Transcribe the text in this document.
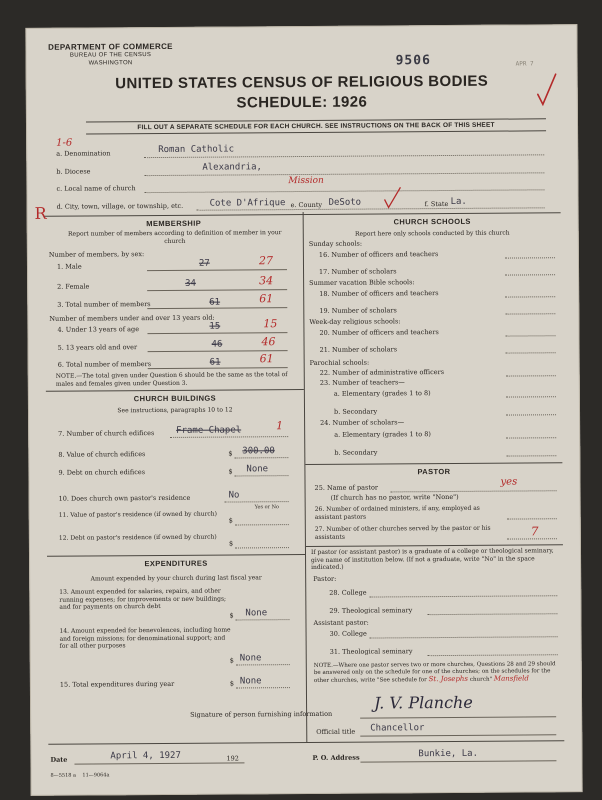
DEPARTMENT OF COMMERCE
BUREAU OF THE CENSUS
WASHINGTON	9506	APR 7
UNITED STATES CENSUS OF RELIGIOUS BODIES
SCHEDULE: 1926
FILL OUT A SEPARATE SCHEDULE FOR EACH CHURCH. SEE INSTRUCTIONS ON THE BACK OF THIS SHEET
1-6
R
a. Denomination	Roman Catholic
b. Diocese	Alexandria,
c. Local name of church
Mission
d. City, town, village, or township, etc.	Cote D'Afrique e. County DeSoto	f. State La.
MEMBERSHIP
Report number of members according to definition of member in your church
Number of members, by sex:
1. Male	27	27
2. Female	34	34
3. Total number of members	61	61
Number of members under and over 13 years old:
4. Under 13 years of age	15	15
5. 13 years old and over	46	46
6. Total number of members	61	61
NOTE.—The total given under Question 6 should be the same as the total of males and females given under Question 3.
CHURCH BUILDINGS
See instructions, paragraphs 10 to 12
7. Number of church edifices Frame Chapel	1
8. Value of church edifices	$ 300.00
9. Debt on church edifices	$ None
10. Does church own pastor's residence	No
Yes or No
11. Value of pastor's residence (if owned by church)
$
12. Debt on pastor's residence (if owned by church)
$
EXPENDITURES
Amount expended by your church during last fiscal year
13. Amount expended for salaries, repairs, and other running expenses; for improvements or new buildings; and for payments on church debt
$ None
14. Amount expended for benevolences, including home and foreign missions; for denominational support; and for all other purposes
$ None
15. Total expenditures during year	$ None
CHURCH SCHOOLS
Report here only schools conducted by this church
Sunday schools:
16. Number of officers and teachers
17. Number of scholars
Summer vacation Bible schools:
18. Number of officers and teachers
19. Number of scholars
Week-day religious schools:
20. Number of officers and teachers
21. Number of scholars
Parochial schools:
22. Number of administrative officers
23. Number of teachers—
a. Elementary (grades 1 to 8)
b. Secondary
24. Number of scholars—
a. Elementary (grades 1 to 8)
b. Secondary
PASTOR
25. Name of pastor
yes
(If church has no pastor, write "None")
26. Number of ordained ministers, if any, employed as assistant pastors
27. Number of other churches served by the pastor or his assistants	7
If pastor (or assistant pastor) is a graduate of a college or theological seminary, give name of institution below. (If not a graduate, write "No" in the space indicated.)
Pastor:
28. College
29. Theological seminary
Assistant pastor:
30. College
31. Theological seminary
NOTE.—Where one pastor serves two or more churches, Questions 28 and 29 should be answered only on the schedule for one of the churches; on the schedules for the other churches, write "See schedule for St. Josephs church" Mansfield
Signature of person furnishing information
J. V. Planche
Official title Chancellor
Date	April 4, 1927	192	P. O. Address	Bunkie, La.
8—5518 a 11—9064a
